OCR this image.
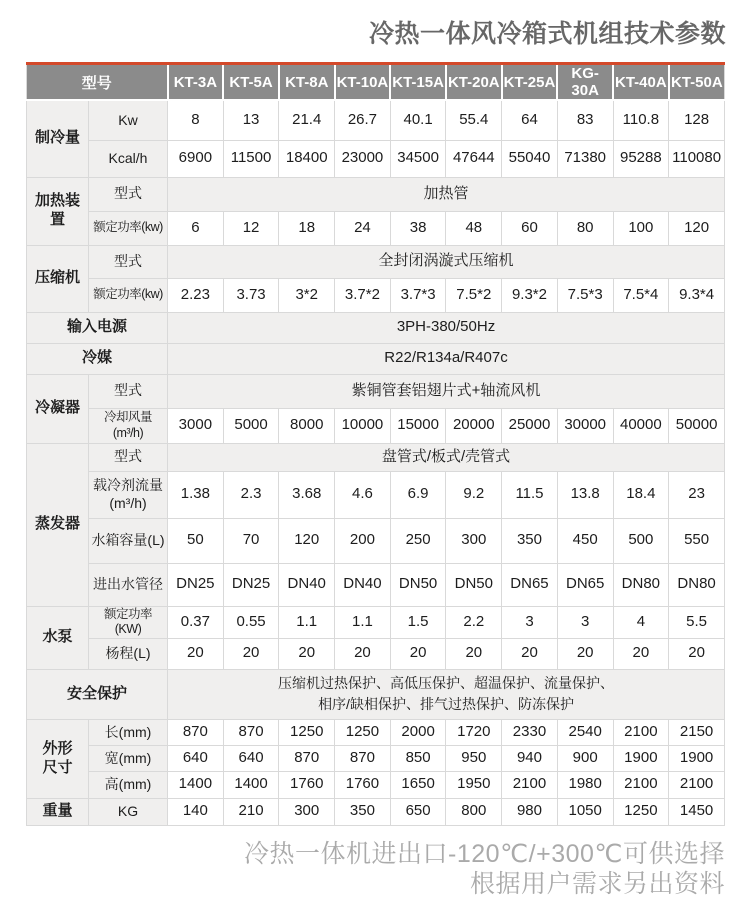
冷热一体风冷箱式机组技术参数
型号		KT-3A	KT-5A	KT-8A	KT-10A	KT-15A	KT-20A	KT-25A	KG-30A	KT-40A	KT-50A
制冷量	Kw	8	13	21.4	26.7	40.1	55.4	64	83	110.8	128
	Kcal/h	6900	11500	18400	23000	34500	47644	55040	71380	95288	110080
加热装置	型式	加热管									
	额定功率(kw)	6	12	18	24	38	48	60	80	100	120
压缩机	型式	全封闭涡漩式压缩机									
	额定功率(kw)	2.23	3.73	3*2	3.7*2	3.7*3	7.5*2	9.3*2	7.5*3	7.5*4	9.3*4
输入电源		3PH-380/50Hz									
冷媒		R22/R134a/R407c									
冷凝器	型式	紫铜管套铝翅片式+轴流风机									
	冷却风量(m³/h)	3000	5000	8000	10000	15000	20000	25000	30000	40000	50000
蒸发器	型式	盘管式/板式/壳管式									

	载冷剂流量
(m³/h)	1.38	2.3	3.68	4.6	6.9	9.2	11.5	13.8	18.4	23
	水箱容量(L)	50	70	120	200	250	300	350	450	500	550
	进出水管径	DN25	DN25	DN40	DN40	DN50	DN50	DN65	DN65	DN80	DN80
水泵	额定功率(KW)	0.37	0.55	1.1	1.1	1.5	2.2	3	3	4	5.5
	杨程(L)	20	20	20	20	20	20	20	20	20	20
安全保护		压缩机过热保护、高低压保护、超温保护、流量保护、
相序/缺相保护、排气过热保护、防冻保护									

外形
尺寸	长(mm)	870	870	1250	1250	2000	1720	2330	2540	2100	2150
	宽(mm)	640	640	870	870	850	950	940	900	1900	1900
	高(mm)	1400	1400	1760	1760	1650	1950	2100	1980	2100	2100
重量	KG	140	210	300	350	650	800	980	1050	1250	1450
冷热一体机进出口-120℃/+300℃可供选择
根据用户需求另出资料
